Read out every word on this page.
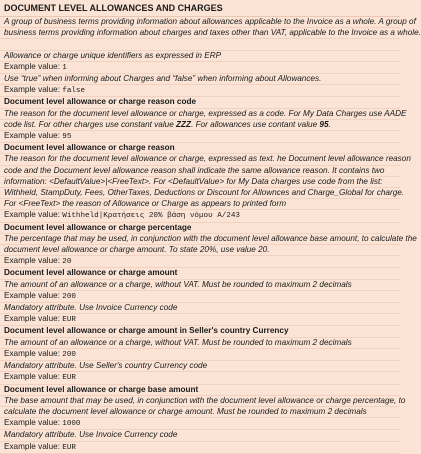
DOCUMENT LEVEL ALLOWANCES AND CHARGES
A group of business terms providing information about allowances applicable to the Invoice as a whole. A group of
business terms providing information about charges and taxes other than VAT, applicable to the Invoice as a whole.

Allowance or charge unique identifiers as expressed in ERP
Example value: 1
Use “true” when informing about Charges and “false” when informing about Allowances.
Example value: false
Document level allowance or charge reason code
The reason for the document level allowance or charge, expressed as a code. For My Data Charges use AADE
code list. For other charges use constant value ZZZ. For allowances use contant value 95.
Example value: 95
Document level allowance or charge reason
The reason for the document level allowance or charge, expressed as text. he Document level allowance reason
code and the Document level allowance reason shall indicate the same allowance reason. It contains two
information: <DefaultValue>|<FreeText>. For <DefaultValue> for My Data charges use code from the list:
Withheld, StampDuty, Fees, OtherTaxes, Deductions or Discount for Allownces and Charge_Global for charge.
For <FreeText> the reason of Allowance or Charge as appears to printed form
Example value: Withheld|Κρατήσεις 20% βάση νόμου A/243
Document level allowance or charge percentage
The percentage that may be used, in conjunction with the document level allowance base amount, to calculate the
document level allowance or charge amount. To state 20%, use value 20.
Example value: 20
Document level allowance or charge amount
The amount of an allowance or a charge, without VAT. Must be rounded to maximum 2 decimals
Example value: 200
Mandatory attribute. Use Invoice Currency code
Example value: EUR
Document level allowance or charge amount in Seller's country Currency
The amount of an allowance or a charge, without VAT. Must be rounded to maximum 2 decimals
Example value: 200
Mandatory attribute. Use Seller's country Currency code
Example value: EUR
Document level allowance or charge base amount
The base amount that may be used, in conjunction with the document level allowance or charge percentage, to
calculate the document level allowance or charge amount. Must be rounded to maximum 2 decimals
Example value: 1000
Mandatory attribute. Use Invoice Currency code
Example value: EUR
